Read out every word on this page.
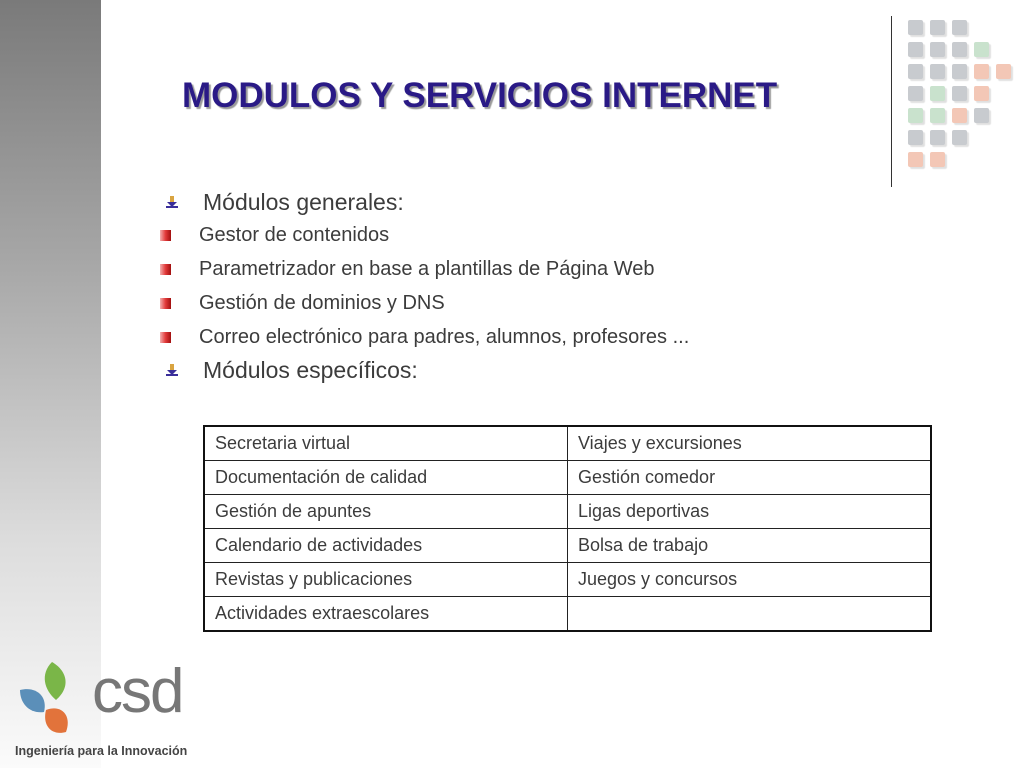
MODULOS Y SERVICIOS INTERNET
Módulos generales:
Gestor de contenidos
Parametrizador en base a plantillas de Página Web
Gestión de dominios y DNS
Correo electrónico para padres, alumnos, profesores ...
Módulos específicos:
Secretaria virtual	Viajes y excursiones
Documentación de calidad	Gestión comedor
Gestión de apuntes	Ligas deportivas
Calendario de actividades	Bolsa de trabajo
Revistas y publicaciones	Juegos y concursos
Actividades extraescolares	
csd
Ingeniería para la Innovación
